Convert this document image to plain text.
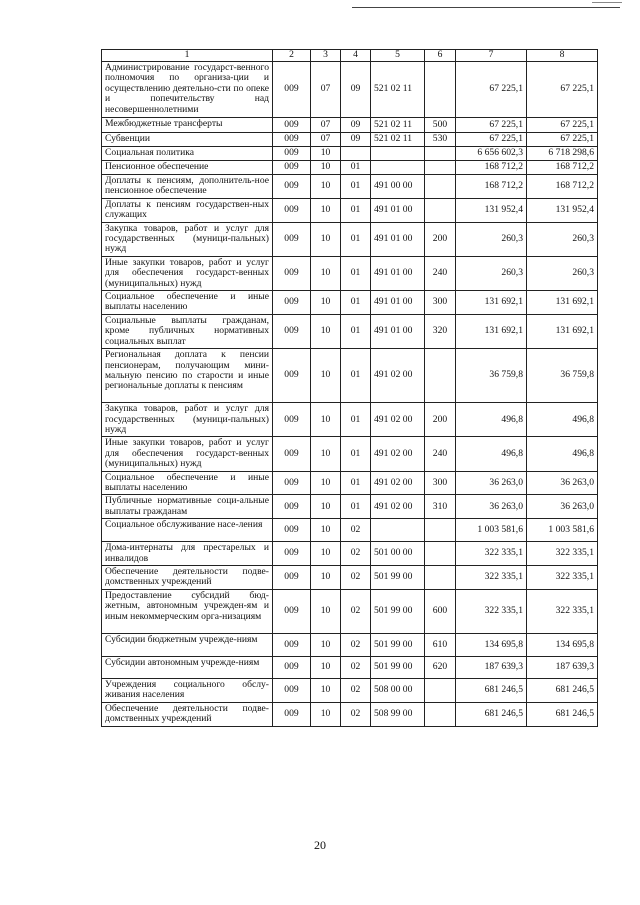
1	2	3	4	5	6	7	8
Администрирование государст-венного полномочия по организа-ции и осуществлению деятельно-сти по опеке и попечительству над несовершеннолетними	009	07	09	521 02 11		67 225,1	67 225,1
Межбюджетные трансферты	009	07	09	521 02 11	500	67 225,1	67 225,1
Субвенции	009	07	09	521 02 11	530	67 225,1	67 225,1
Социальная политика	009	10				6 656 602,3	6 718 298,6
Пенсионное обеспечение	009	10	01			168 712,2	168 712,2
Доплаты к пенсиям, дополнитель-ное пенсионное обеспечение	009	10	01	491 00 00		168 712,2	168 712,2
Доплаты к пенсиям государствен-ных служащих	009	10	01	491 01 00		131 952,4	131 952,4
Закупка товаров, работ и услуг для государственных (муници-пальных) нужд	009	10	01	491 01 00	200	260,3	260,3
Иные закупки товаров, работ и услуг для обеспечения государст-венных (муниципальных) нужд	009	10	01	491 01 00	240	260,3	260,3
Социальное обеспечение и иные выплаты населению	009	10	01	491 01 00	300	131 692,1	131 692,1
Социальные выплаты гражданам, кроме публичных нормативных социальных выплат	009	10	01	491 01 00	320	131 692,1	131 692,1
Региональная доплата к пенсии пенсионерам, получающим мини-мальную пенсию по старости и иные региональные доплаты к пенсиям	009	10	01	491 02 00		36 759,8	36 759,8
Закупка товаров, работ и услуг для государственных (муници-пальных) нужд	009	10	01	491 02 00	200	496,8	496,8
Иные закупки товаров, работ и услуг для обеспечения государст-венных (муниципальных) нужд	009	10	01	491 02 00	240	496,8	496,8
Социальное обеспечение и иные выплаты населению	009	10	01	491 02 00	300	36 263,0	36 263,0
Публичные нормативные соци-альные выплаты гражданам	009	10	01	491 02 00	310	36 263,0	36 263,0
Социальное обслуживание насе-ления	009	10	02			1 003 581,6	1 003 581,6
Дома-интернаты для престарелых и инвалидов	009	10	02	501 00 00		322 335,1	322 335,1
Обеспечение деятельности подве-домственных учреждений	009	10	02	501 99 00		322 335,1	322 335,1
Предоставление субсидий бюд-жетным, автономным учрежден-ям и иным некоммерческим орга-низациям	009	10	02	501 99 00	600	322 335,1	322 335,1
Субсидии бюджетным учрежде-ниям	009	10	02	501 99 00	610	134 695,8	134 695,8
Субсидии автономным учрежде-ниям	009	10	02	501 99 00	620	187 639,3	187 639,3
Учреждения социального обслу-живания населения	009	10	02	508 00 00		681 246,5	681 246,5
Обеспечение деятельности подве-домственных учреждений	009	10	02	508 99 00		681 246,5	681 246,5
20
